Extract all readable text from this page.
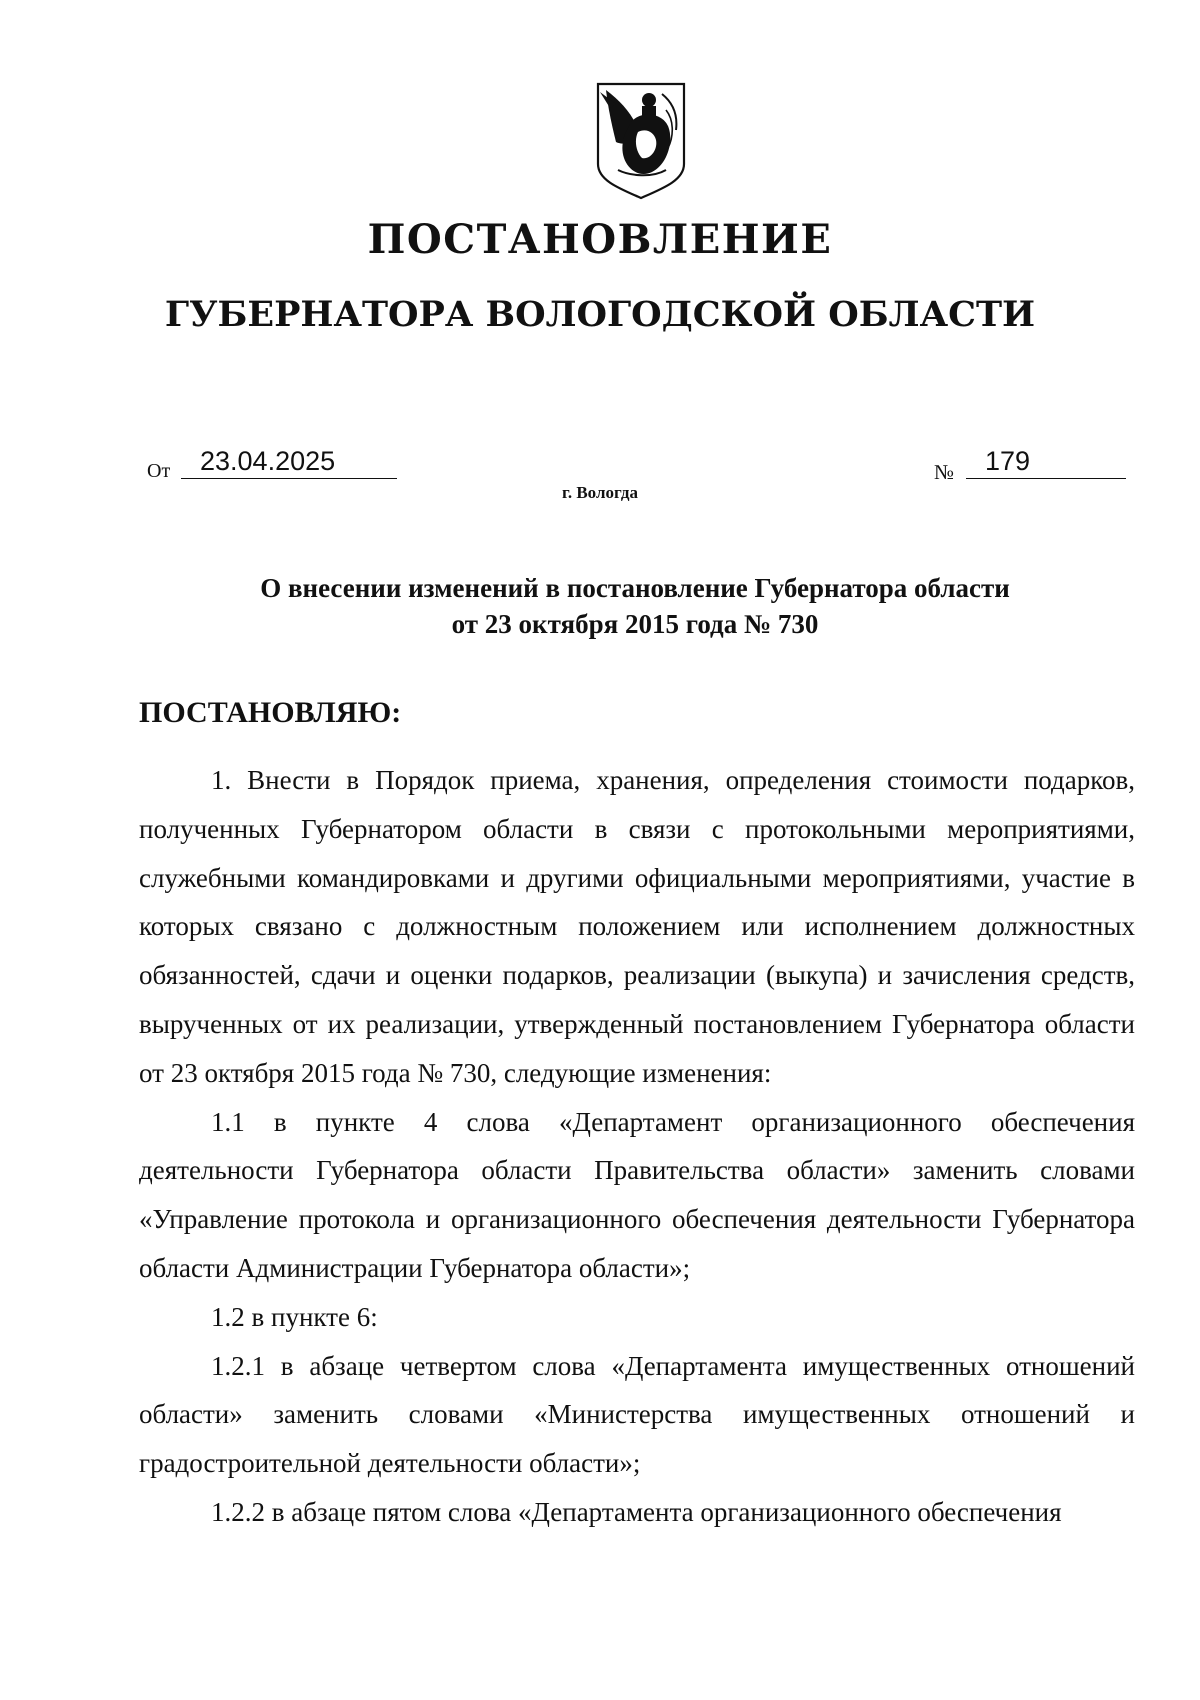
ПОСТАНОВЛЕНИЕ
ГУБЕРНАТОРА ВОЛОГОДСКОЙ ОБЛАСТИ
От 23.04.2025	№ 179
г. Вологда
О внесении изменений в постановление Губернатора области
от 23 октября 2015 года № 730
ПОСТАНОВЛЯЮ:

1. Внести в Порядок приема, хранения, определения стоимости подарков, полученных Губернатором области в связи с протокольными мероприятиями, служебными командировками и другими официальными мероприятиями, участие в которых связано с должностным положением или исполнением должностных обязанностей, сдачи и оценки подарков, реализации (выкупа) и зачисления средств, вырученных от их реализации, утвержденный постановлением Губернатора области от 23 октября 2015 года № 730, следующие изменения:

1.1 в пункте 4 слова «Департамент организационного обеспечения деятельности Губернатора области Правительства области» заменить словами «Управление протокола и организационного обеспечения деятельности Губернатора области Администрации Губернатора области»;

1.2 в пункте 6:

1.2.1 в абзаце четвертом слова «Департамента имущественных отношений области» заменить словами «Министерства имущественных отношений и градостроительной деятельности области»;

1.2.2 в абзаце пятом слова «Департамента организационного обеспечения
